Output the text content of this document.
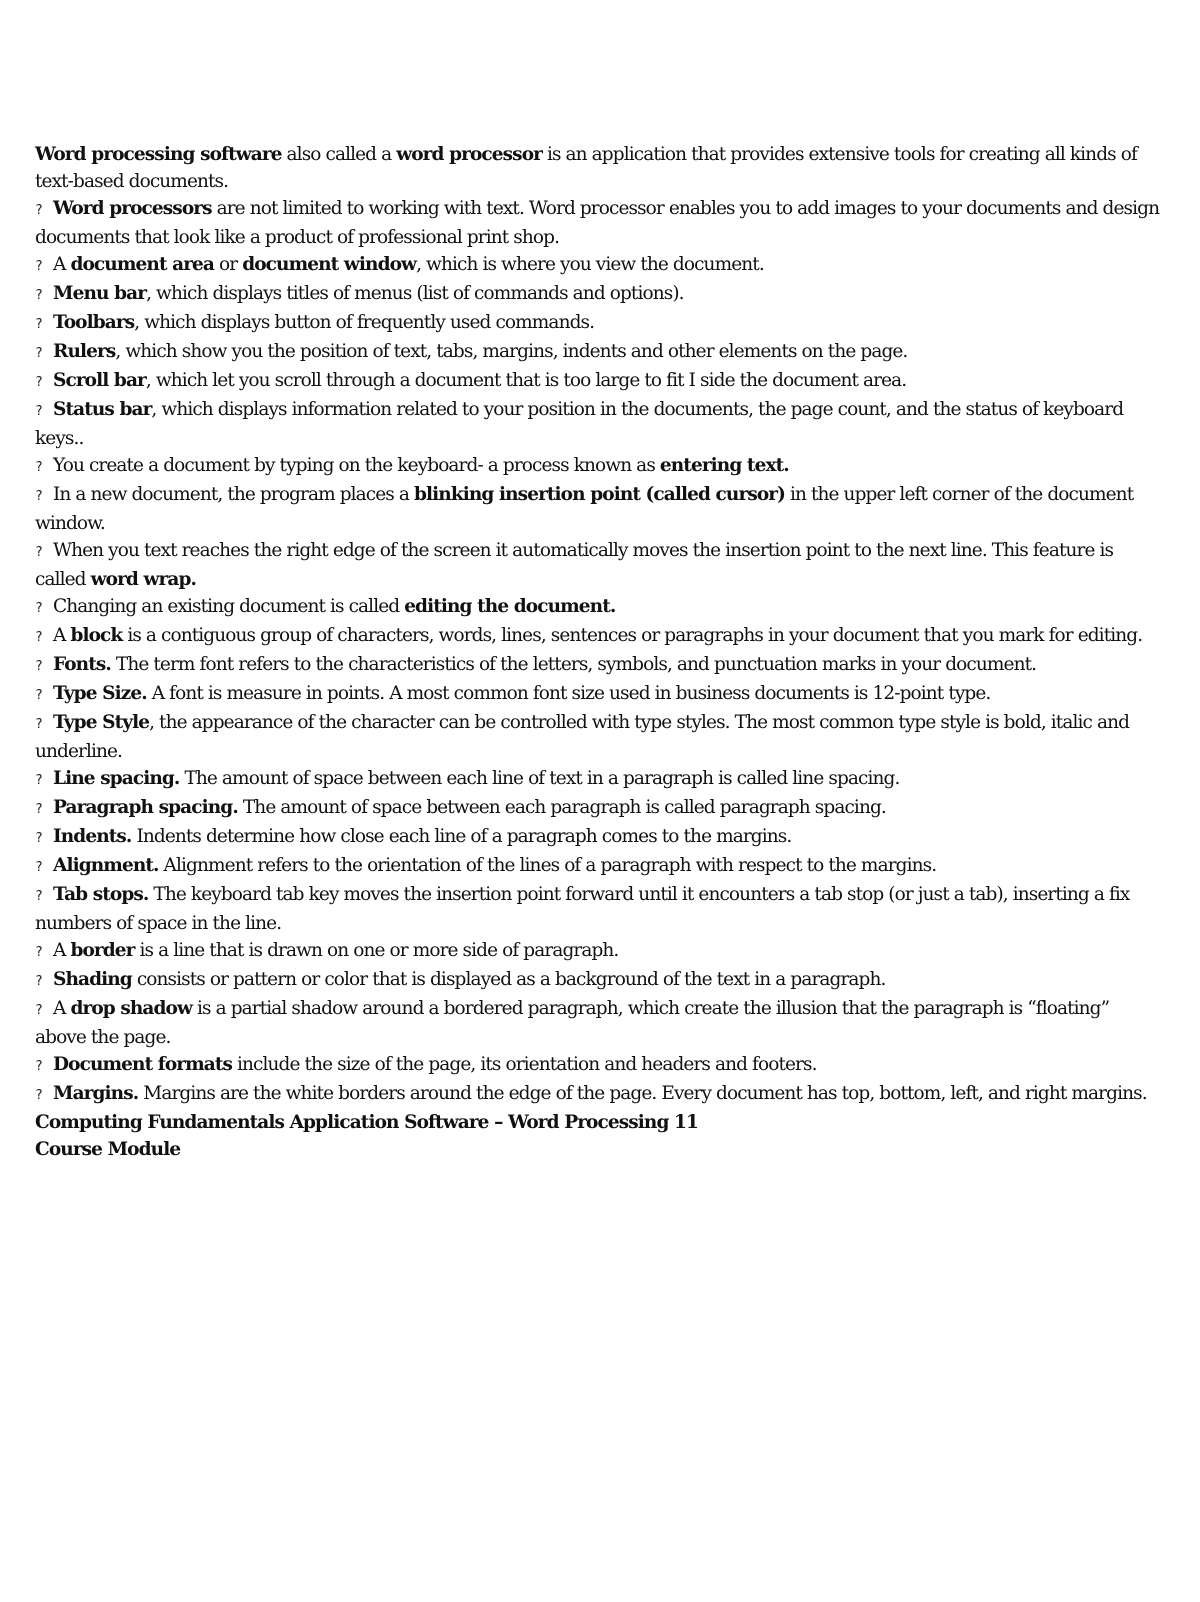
Word processing software also called a word processor is an application that provides extensive tools for creating all kinds of text-based documents.

? Word processors are not limited to working with text. Word processor enables you to add images to your documents and design documents that look like a product of professional print shop.

? A document area or document window, which is where you view the document.

? Menu bar, which displays titles of menus (list of commands and options).

? Toolbars, which displays button of frequently used commands.

? Rulers, which show you the position of text, tabs, margins, indents and other elements on the page.

? Scroll bar, which let you scroll through a document that is too large to fit I side the document area.

? Status bar, which displays information related to your position in the documents, the page count, and the status of keyboard keys..

? You create a document by typing on the keyboard- a process known as entering text.

? In a new document, the program places a blinking insertion point (called cursor) in the upper left corner of the document window.

? When you text reaches the right edge of the screen it automatically moves the insertion point to the next line. This feature is called word wrap.

? Changing an existing document is called editing the document.

? A block is a contiguous group of characters, words, lines, sentences or paragraphs in your document that you mark for editing.

? Fonts. The term font refers to the characteristics of the letters, symbols, and punctuation marks in your document.

? Type Size. A font is measure in points. A most common font size used in business documents is 12-point type.

? Type Style, the appearance of the character can be controlled with type styles. The most common type style is bold, italic and underline.

? Line spacing. The amount of space between each line of text in a paragraph is called line spacing.

? Paragraph spacing. The amount of space between each paragraph is called paragraph spacing.

? Indents. Indents determine how close each line of a paragraph comes to the margins.

? Alignment. Alignment refers to the orientation of the lines of a paragraph with respect to the margins.

? Tab stops. The keyboard tab key moves the insertion point forward until it encounters a tab stop (or just a tab), inserting a fix numbers of space in the line.

? A border is a line that is drawn on one or more side of paragraph.

? Shading consists or pattern or color that is displayed as a background of the text in a paragraph.

? A drop shadow is a partial shadow around a bordered paragraph, which create the illusion that the paragraph is “floating” above the page.

? Document formats include the size of the page, its orientation and headers and footers.

? Margins. Margins are the white borders around the edge of the page. Every document has top, bottom, left, and right margins.

Computing Fundamentals Application Software – Word Processing 11

Course Module
